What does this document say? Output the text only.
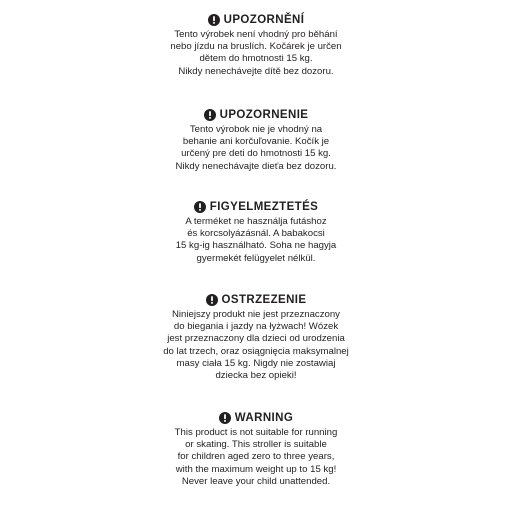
UPOZORNĚNÍ
Tento výrobek není vhodný pro běhání
nebo jízdu na bruslích. Kočárek je určen
dětem do hmotnosti 15 kg.
Nikdy nenechávejte dítě bez dozoru.
UPOZORNENIE
Tento výrobok nie je vhodný na
behanie ani korčuľovanie. Kočík je
určený pre deti do hmotnosti 15 kg.
Nikdy nenechávajte dieťa bez dozoru.
FIGYELMEZTETÉS
A terméket ne használja futáshoz
és korcsolyázásnál. A babakocsi
15 kg-ig használható. Soha ne hagyja
gyermekét felügyelet nélkül.
OSTRZEZENIE
Niniejszy produkt nie jest przeznaczony
do biegania i jazdy na łyżwach! Wózek
jest przeznaczony dla dzieci od urodzenia
do lat trzech, oraz osiągnięcia maksymalnej
masy ciała 15 kg. Nigdy nie zostawiaj
dziecka bez opieki!
WARNING
This product is not suitable for running
or skating. This stroller is suitable
for children aged zero to three years,
with the maximum weight up to 15 kg!
Never leave your child unattended.
